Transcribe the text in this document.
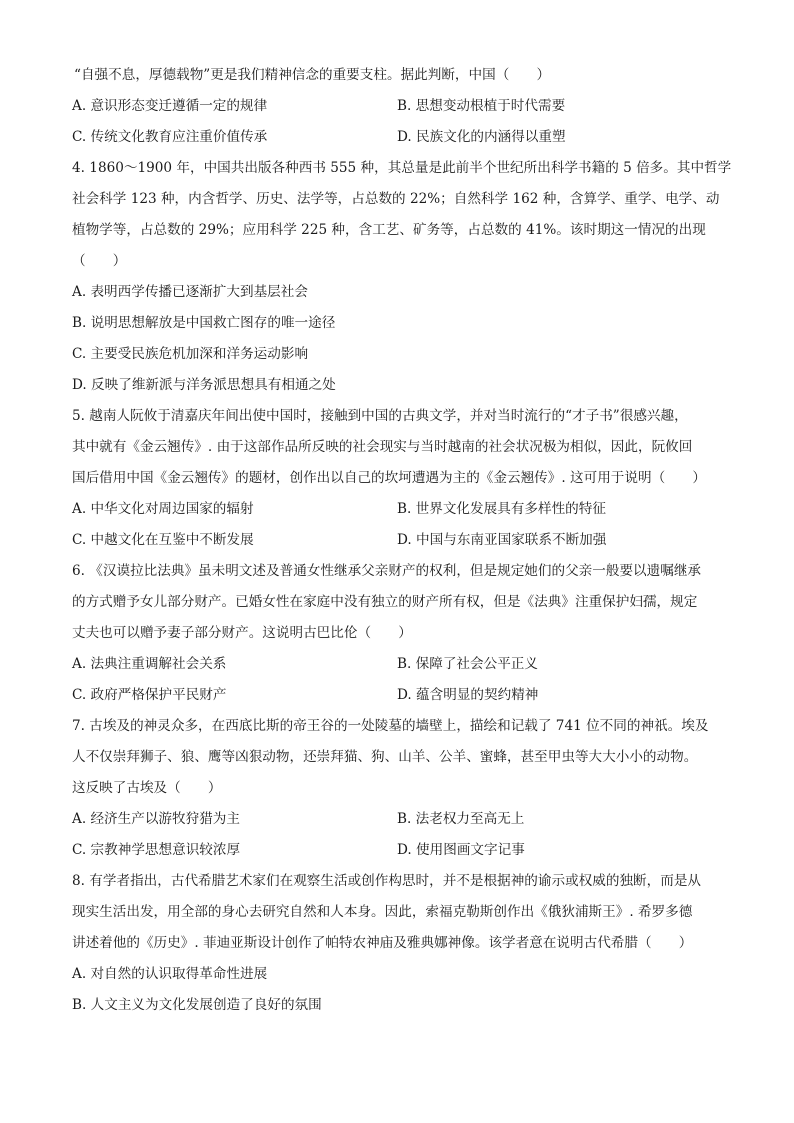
“自强不息，厚德载物”更是我们精神信念的重要支柱。据此判断，中国（　　）
A. 意识形态变迁遵循一定的规律	B. 思想变动根植于时代需要
C. 传统文化教育应注重价值传承	D. 民族文化的内涵得以重塑
4. 1860～1900 年，中国共出版各种西书 555 种，其总量是此前半个世纪所出科学书籍的 5 倍多。其中哲学
社会科学 123 种，内含哲学、历史、法学等，占总数的 22%；自然科学 162 种，含算学、重学、电学、动
植物学等，占总数的 29%；应用科学 225 种，含工艺、矿务等，占总数的 41%。该时期这一情况的出现
（　　）
A. 表明西学传播已逐渐扩大到基层社会
B. 说明思想解放是中国救亡图存的唯一途径
C. 主要受民族危机加深和洋务运动影响
D. 反映了维新派与洋务派思想具有相通之处
5. 越南人阮攸于清嘉庆年间出使中国时，接触到中国的古典文学，并对当时流行的“才子书”很感兴趣，
其中就有《金云翘传》. 由于这部作品所反映的社会现实与当时越南的社会状况极为相似，因此，阮攸回
国后借用中国《金云翘传》的题材，创作出以自己的坎坷遭遇为主的《金云翘传》. 这可用于说明（　　）
A. 中华文化对周边国家的辐射	B. 世界文化发展具有多样性的特征
C. 中越文化在互鉴中不断发展	D. 中国与东南亚国家联系不断加强
6. 《汉谟拉比法典》虽未明文述及普通女性继承父亲财产的权利，但是规定她们的父亲一般要以遗嘱继承
的方式赠予女儿部分财产。已婚女性在家庭中没有独立的财产所有权，但是《法典》注重保护妇孺，规定
丈夫也可以赠予妻子部分财产。这说明古巴比伦（　　）
A. 法典注重调解社会关系	B. 保障了社会公平正义
C. 政府严格保护平民财产	D. 蕴含明显的契约精神
7. 古埃及的神灵众多，在西底比斯的帝王谷的一处陵墓的墙壁上，描绘和记载了 741 位不同的神祇。埃及
人不仅崇拜狮子、狼、鹰等凶狠动物，还崇拜猫、狗、山羊、公羊、蜜蜂，甚至甲虫等大大小小的动物。
这反映了古埃及（　　）
A. 经济生产以游牧狩猎为主	B. 法老权力至高无上
C. 宗教神学思想意识较浓厚	D. 使用图画文字记事
8. 有学者指出，古代希腊艺术家们在观察生活或创作构思时，并不是根据神的谕示或权威的独断，而是从
现实生活出发，用全部的身心去研究自然和人本身。因此，索福克勒斯创作出《俄狄浦斯王》. 希罗多德
讲述着他的《历史》. 菲迪亚斯设计创作了帕特农神庙及雅典娜神像。该学者意在说明古代希腊（　　）
A. 对自然的认识取得革命性进展
B. 人文主义为文化发展创造了良好的氛围
